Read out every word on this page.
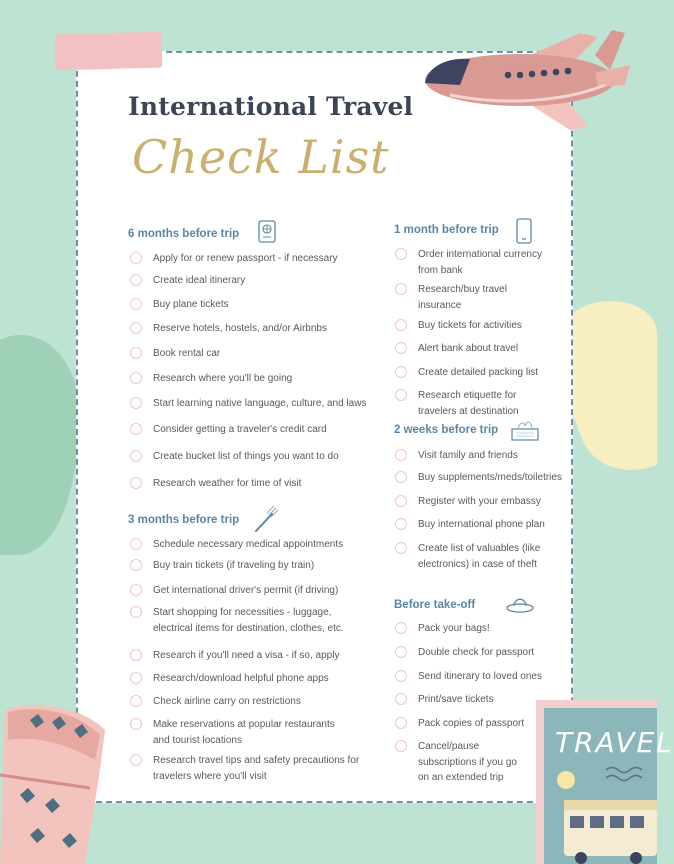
International Travel
Check List
6 months before trip
3 months before trip
1 month before trip
2 weeks before trip
Before take-off
Apply for or renew passport - if necessary
Create ideal itinerary
Buy plane tickets
Reserve hotels, hostels, and/or Airbnbs
Book rental car
Research where you'll be going
Start learning native language, culture, and laws
Consider getting a traveler's credit card
Create bucket list of things you want to do
Research weather for time of visit
Schedule necessary medical appointments
Buy train tickets (if traveling by train)
Get international driver's permit (if driving)
Start shopping for necessities - luggage,
electrical items for destination, clothes, etc.
Research if you'll need a visa - if so, apply
Research/download helpful phone apps
Check airline carry on restrictions
Make reservations at popular restaurants
and tourist locations
Research travel tips and safety precautions for
travelers where you'll visit
Order international currency
from bank
Research/buy travel
insurance
Buy tickets for activities
Alert bank about travel
Create detailed packing list
Research etiquette for
travelers at destination
Visit family and friends
Buy supplements/meds/toiletries
Register with your embassy
Buy international phone plan
Create list of valuables (like
electronics) in case of theft
Pack your bags!
Double check for passport
Send itinerary to loved ones
Print/save tickets
Pack copies of passport
Cancel/pause
subscriptions if you go
on an extended trip
TRAVEL
